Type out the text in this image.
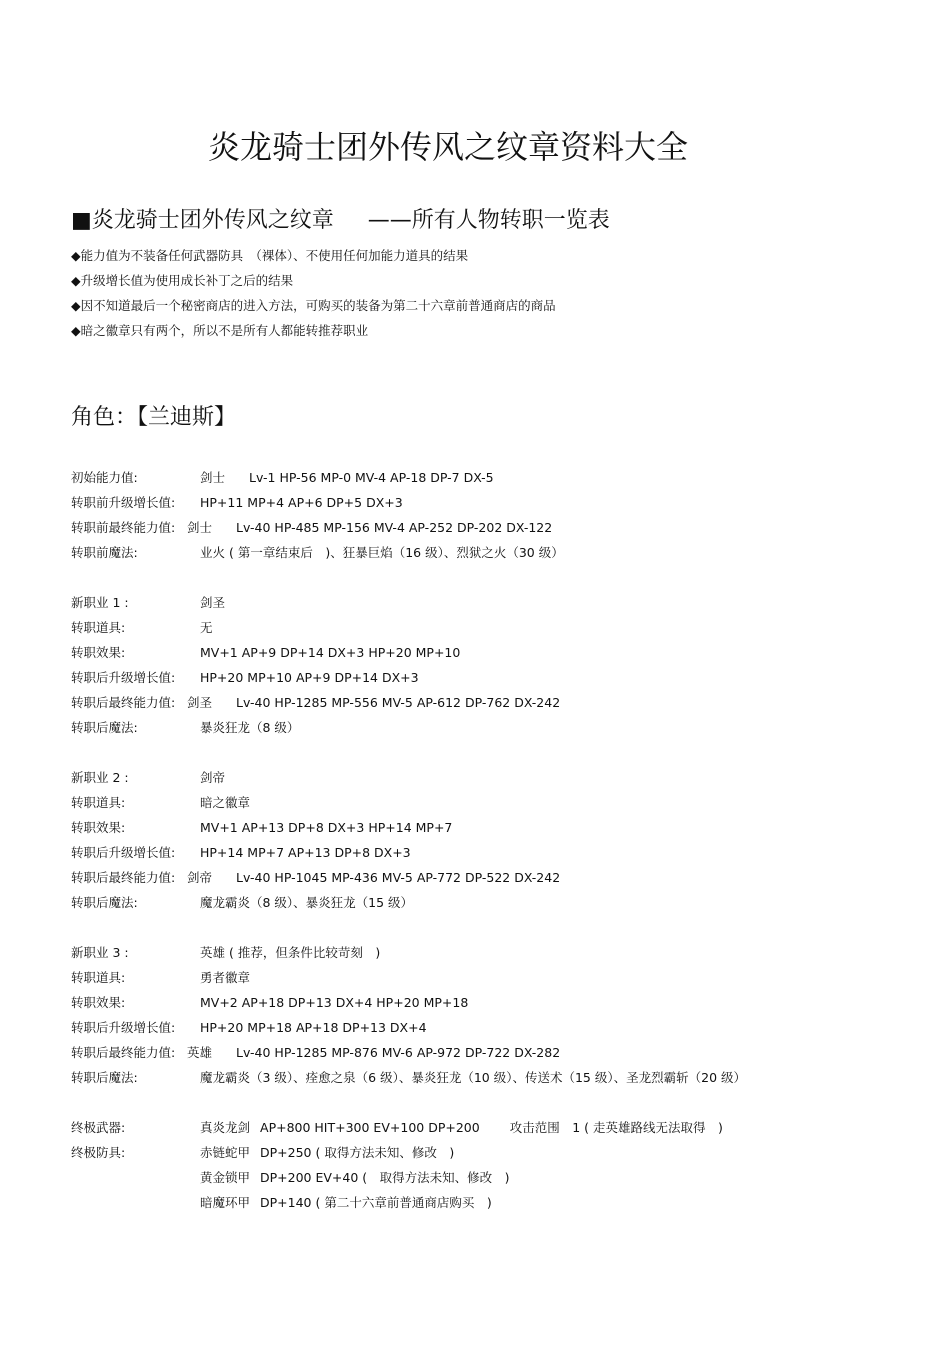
炎龙骑士团外传风之纹章资料大全
■炎龙骑士团外传风之纹章 ——所有人物转职一览表
◆能力值为不装备任何武器防具　（裸体）、不使用任何加能力道具的结果
◆升级增长值为使用成长补丁之后的结果
◆因不知道最后一个秘密商店的进入方法，可购买的装备为第二十六章前普通商店的商品
◆暗之徽章只有两个，所以不是所有人都能转推荐职业
角色：【兰迪斯】
初始能力值:	剑士 Lv-1 HP-56 MP-0 MV-4 AP-18 DP-7 DX-5
转职前升级增长值: HP+11 MP+4 AP+6 DP+5 DX+3
转职前最终能力值: 剑士 Lv-40 HP-485 MP-156 MV-4 AP-252 DP-202 DX-122
转职前魔法:	业火 ( 第一章结束后　)、狂暴巨焰（16 级）、烈狱之火（30 级）
新职业 1 :	剑圣
转职道具:	无
转职效果:	MV+1 AP+9 DP+14 DX+3 HP+20 MP+10
转职后升级增长值: HP+20 MP+10 AP+9 DP+14 DX+3
转职后最终能力值: 剑圣 Lv-40 HP-1285 MP-556 MV-5 AP-612 DP-762 DX-242
转职后魔法:	暴炎狂龙（8 级）
新职业 2 :	剑帝
转职道具:	暗之徽章
转职效果:	MV+1 AP+13 DP+8 DX+3 HP+14 MP+7
转职后升级增长值: HP+14 MP+7 AP+13 DP+8 DX+3
转职后最终能力值: 剑帝 Lv-40 HP-1045 MP-436 MV-5 AP-772 DP-522 DX-242
转职后魔法:	魔龙霸炎（8 级）、暴炎狂龙（15 级）
新职业 3 :	英雄 ( 推荐，但条件比较苛刻　)
转职道具:	勇者徽章
转职效果:	MV+2 AP+18 DP+13 DX+4 HP+20 MP+18
转职后升级增长值: HP+20 MP+18 AP+18 DP+13 DX+4
转职后最终能力值: 英雄 Lv-40 HP-1285 MP-876 MV-6 AP-972 DP-722 DX-282
转职后魔法:	魔龙霸炎（3 级）、痊愈之泉（6 级）、暴炎狂龙（10 级）、传送术（15 级）、圣龙烈霸斩（20 级）
终极武器:	真炎龙剑 AP+800 HIT+300 EV+100 DP+200 攻击范围　1 ( 走英雄路线无法取得　)
终极防具:	赤链蛇甲 DP+250 ( 取得方法未知、修改　)
黄金锁甲 DP+200 EV+40 (　取得方法未知、修改　)
暗魔环甲 DP+140 ( 第二十六章前普通商店购买　)
